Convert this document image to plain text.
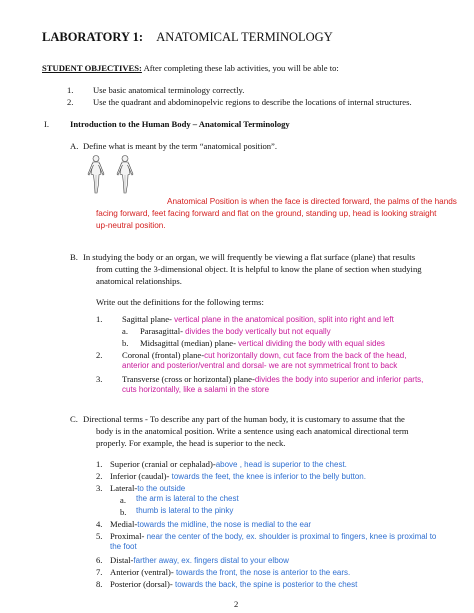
LABORATORY 1: ANATOMICAL TERMINOLOGY
STUDENT OBJECTIVES: After completing these lab activities, you will be able to:
1. Use basic anatomical terminology correctly.
2. Use the quadrant and abdominopelvic regions to describe the locations of internal structures.
I. Introduction to the Human Body – Anatomical Terminology
A. Define what is meant by the term “anatomical position”.
Anatomical Position is when the face is directed forward, the palms of the hands
facing forward, feet facing forward and flat on the ground, standing up, head is looking straight
up-neutral position.
B. In studying the body or an organ, we will frequently be viewing a flat surface (plane) that results
from cutting the 3-dimensional object. It is helpful to know the plane of section when studying
anatomical relationships.
Write out the definitions for the following terms:
1. Sagittal plane- vertical plane in the anatomical position, split into right and left
a. Parasagittal- divides the body vertically but not equally
b. Midsagittal (median) plane- vertical dividing the body with equal sides
2. Coronal (frontal) plane-cut horizontally down, cut face from the back of the head,
anterior and posterior/ventral and dorsal- we are not symmetrical front to back
3. Transverse (cross or horizontal) plane-divides the body into superior and inferior parts,
cuts horizontally, like a salami in the store
C. Directional terms - To describe any part of the human body, it is customary to assume that the
body is in the anatomical position. Write a sentence using each anatomical directional term
properly. For example, the head is superior to the neck.
1. Superior (cranial or cephalad)-above , head is superior to the chest.
2. Inferior (caudal)- towards the feet, the knee is inferior to the belly button.
3. Lateral-to the outside
a. the arm is lateral to the chest
b. thumb is lateral to the pinky
4. Medial-towards the midline, the nose is medial to the ear
5. Proximal- near the center of the body, ex. shoulder is proximal to fingers, knee is proximal to
the foot
6. Distal-farther away, ex. fingers distal to your elbow
7. Anterior (ventral)- towards the front, the nose is anterior to the ears.
8. Posterior (dorsal)- towards the back, the spine is posterior to the chest
2
